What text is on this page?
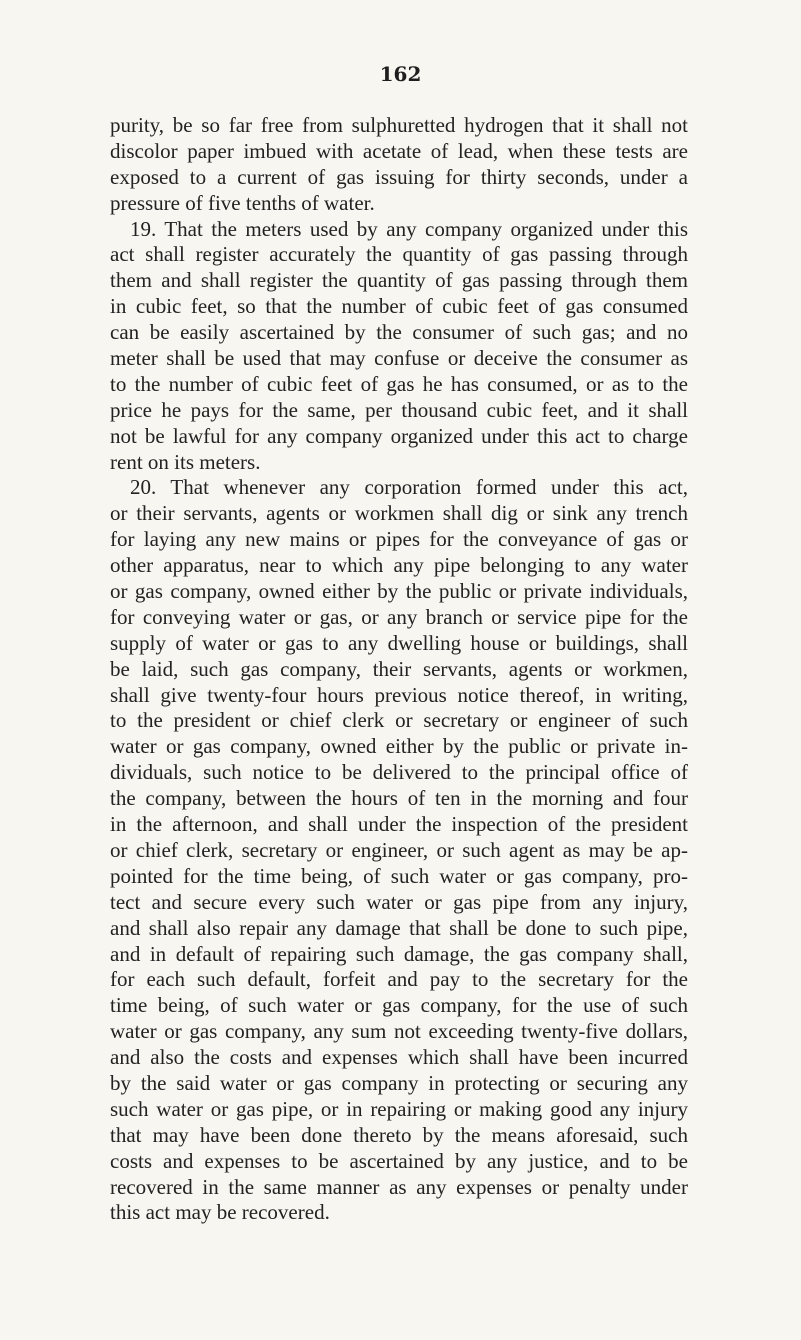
162
purity, be so far free from sulphuretted hydrogen that it shall not
discolor paper imbued with acetate of lead, when these tests are
exposed to a current of gas issuing for thirty seconds, under a
pressure of five tenths of water.
19. That the meters used by any company organized under this
act shall register accurately the quantity of gas passing through
them and shall register the quantity of gas passing through them
in cubic feet, so that the number of cubic feet of gas consumed
can be easily ascertained by the consumer of such gas; and no
meter shall be used that may confuse or deceive the consumer as
to the number of cubic feet of gas he has consumed, or as to the
price he pays for the same, per thousand cubic feet, and it shall
not be lawful for any company organized under this act to charge
rent on its meters.
20. That whenever any corporation formed under this act,
or their servants, agents or workmen shall dig or sink any trench
for laying any new mains or pipes for the conveyance of gas or
other apparatus, near to which any pipe belonging to any water
or gas company, owned either by the public or private individuals,
for conveying water or gas, or any branch or service pipe for the
supply of water or gas to any dwelling house or buildings, shall
be laid, such gas company, their servants, agents or workmen,
shall give twenty-four hours previous notice thereof, in writing,
to the president or chief clerk or secretary or engineer of such
water or gas company, owned either by the public or private in-
dividuals, such notice to be delivered to the principal office of
the company, between the hours of ten in the morning and four
in the afternoon, and shall under the inspection of the president
or chief clerk, secretary or engineer, or such agent as may be ap-
pointed for the time being, of such water or gas company, pro-
tect and secure every such water or gas pipe from any injury,
and shall also repair any damage that shall be done to such pipe,
and in default of repairing such damage, the gas company shall,
for each such default, forfeit and pay to the secretary for the
time being, of such water or gas company, for the use of such
water or gas company, any sum not exceeding twenty-five dollars,
and also the costs and expenses which shall have been incurred
by the said water or gas company in protecting or securing any
such water or gas pipe, or in repairing or making good any injury
that may have been done thereto by the means aforesaid, such
costs and expenses to be ascertained by any justice, and to be
recovered in the same manner as any expenses or penalty under
this act may be recovered.
